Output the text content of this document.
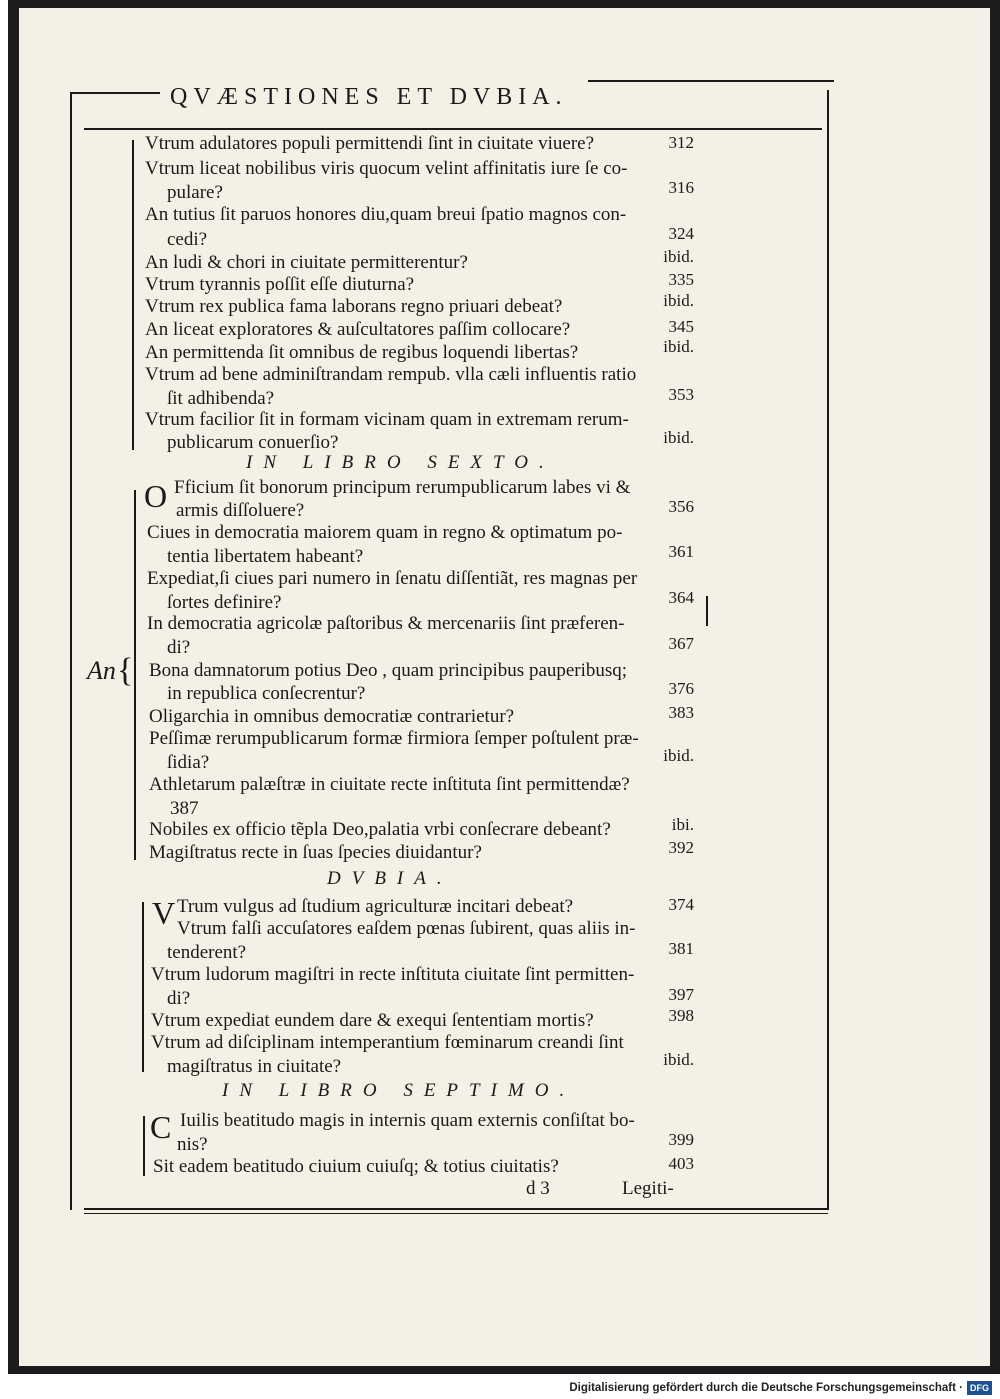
QVÆSTIONES ET DVBIA.
{
An
O
V
C
IN LIBRO SEXTO.
DVBIA.
IN LIBRO SEPTIMO.
Vtrum adulatores populi permittendi ſint in ciuitate viuere?
Vtrum liceat nobilibus viris quocum velint affinitatis iure ſe co-
pulare?
An tutius ſit paruos honores diu,quam breui ſpatio magnos con-
cedi?
An ludi & chori in ciuitate permitterentur?
Vtrum tyrannis poſſit eſſe diuturna?
Vtrum rex publica fama laborans regno priuari debeat?
An liceat exploratores & auſcultatores paſſim collocare?
An permittenda ſit omnibus de regibus loquendi libertas?
Vtrum ad bene adminiſtrandam rempub. vlla cæli influentis ratio
ſit adhibenda?
Vtrum facilior ſit in formam vicinam quam in extremam rerum-
publicarum conuerſio?
Fficium ſit bonorum principum rerumpublicarum labes vi &
armis diſſoluere?
Ciues in democratia maiorem quam in regno & optimatum po-
tentia libertatem habeant?
Expediat,ſi ciues pari numero in ſenatu diſſentiãt, res magnas per
ſortes definire?
In democratia agricolæ paſtoribus & mercenariis ſint præferen-
di?
Bona damnatorum potius Deo , quam principibus pauperibusq;
in republica conſecrentur?
Oligarchia in omnibus democratiæ contrarietur?
Peſſimæ rerumpublicarum formæ firmiora ſemper poſtulent præ-
ſidia?
Athletarum palæſtræ in ciuitate recte inſtituta ſint permittendæ?
387
Nobiles ex officio tẽpla Deo,palatia vrbi conſecrare debeant?
Magiſtratus recte in ſuas ſpecies diuidantur?
Trum vulgus ad ſtudium agriculturæ incitari debeat?
Vtrum falſi accuſatores eaſdem pœnas ſubirent, quas aliis in-
tenderent?
Vtrum ludorum magiſtri in recte inſtituta ciuitate ſint permitten-
di?
Vtrum expediat eundem dare & exequi ſententiam mortis?
Vtrum ad diſciplinam intemperantium fœminarum creandi ſint
magiſtratus in ciuitate?
Iuilis beatitudo magis in internis quam externis conſiſtat bo-
nis?
Sit eadem beatitudo ciuium cuiuſq; & totius ciuitatis?
312
316
324
ibid.
335
ibid.
345
ibid.
353
ibid.
356
361
364
367
376
383
ibid.
ibi.
392
374
381
397
398
ibid.
399
403
d 3	Legiti-
Digitalisierung gefördert durch die Deutsche Forschungsgemeinschaft · DFG
